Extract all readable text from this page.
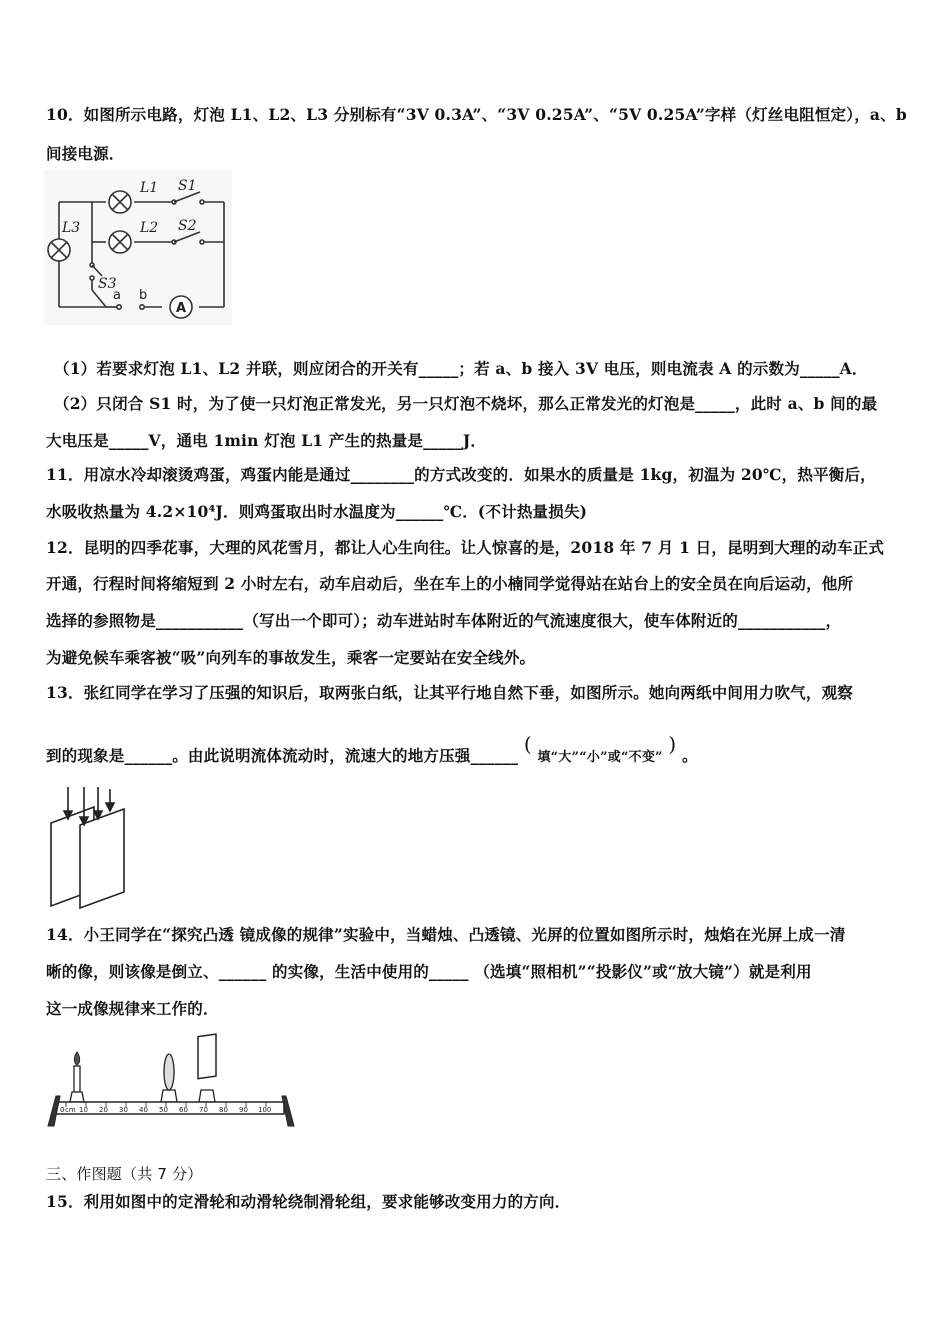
10．如图所示电路，灯泡 L1、L2、L3 分别标有“3V 0.3A”、“3V 0.25A”、“5V 0.25A”字样（灯丝电阻恒定），a、b
间接电源．
L1 S1
L2 S2
L3
S3
a b
A
（1）若要求灯泡 L1、L2 并联，则应闭合的开关有_____；若 a、b 接入 3V 电压，则电流表 A 的示数为_____A．
（2）只闭合 S1 时，为了使一只灯泡正常发光，另一只灯泡不烧坏，那么正常发光的灯泡是_____，此时 a、b 间的最
大电压是_____V，通电 1min 灯泡 L1 产生的热量是_____J．
11．用凉水冷却滚烫鸡蛋，鸡蛋内能是通过________的方式改变的．如果水的质量是 1kg，初温为 20℃，热平衡后，
水吸收热量为 4.2×10⁴J．则鸡蛋取出时水温度为______℃．(不计热量损失)
12．昆明的四季花事，大理的风花雪月，都让人心生向往。让人惊喜的是，2018 年 7 月 1 日，昆明到大理的动车正式
开通，行程时间将缩短到 2 小时左右，动车启动后，坐在车上的小楠同学觉得站在站台上的安全员在向后运动，他所
选择的参照物是___________（写出一个即可）；动车进站时车体附近的气流速度很大，使车体附近的___________，
为避免候车乘客被“吸”向列车的事故发生，乘客一定要站在安全线外。
13．张红同学在学习了压强的知识后，取两张白纸，让其平行地自然下垂，如图所示。她向两纸中间用力吹气，观察
到的现象是______。由此说明流体流动时，流速大的地方压强______ ( 填“大”“小”或“不变” ) 。
14．小王同学在“探究凸透 镜成像的规律”实验中，当蜡烛、凸透镜、光屏的位置如图所示时，烛焰在光屏上成一清
晰的像，则该像是倒立、______ 的实像，生活中使用的_____ （选填“照相机”“投影仪”或“放大镜”）就是利用
这一成像规律来工作的．
0 cm 10 20 30 40 50 60 70 80 90 100
三、作图题（共 7 分）
15．利用如图中的定滑轮和动滑轮绕制滑轮组，要求能够改变用力的方向．
